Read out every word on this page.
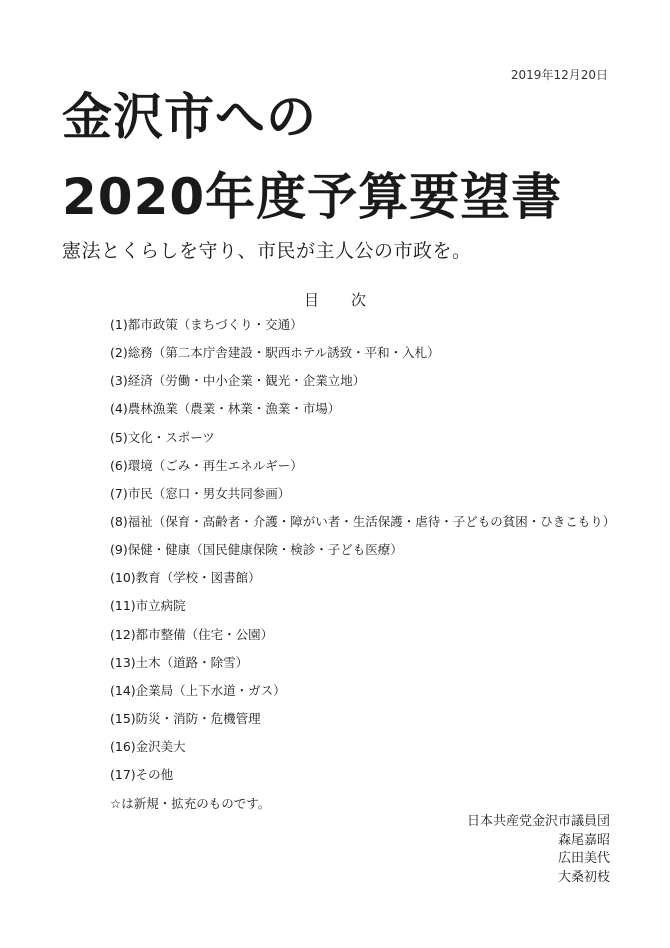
2019年12月20日
金沢市への
2020年度予算要望書
憲法とくらしを守り、市民が主人公の市政を。
目次
(1)都市政策（まちづくり・交通）
(2)総務（第二本庁舎建設・駅西ホテル誘致・平和・入札）
(3)経済（労働・中小企業・観光・企業立地）
(4)農林漁業（農業・林業・漁業・市場）
(5)文化・スポーツ
(6)環境（ごみ・再生エネルギー）
(7)市民（窓口・男女共同参画）
(8)福祉（保育・高齢者・介護・障がい者・生活保護・虐待・子どもの貧困・ひきこもり）
(9)保健・健康（国民健康保険・検診・子ども医療）
(10)教育（学校・図書館）
(11)市立病院
(12)都市整備（住宅・公園）
(13)土木（道路・除雪）
(14)企業局（上下水道・ガス）
(15)防災・消防・危機管理
(16)金沢美大
(17)その他
☆は新規・拡充のものです。
日本共産党金沢市議員団
森尾嘉昭
広田美代
大桑初枝
